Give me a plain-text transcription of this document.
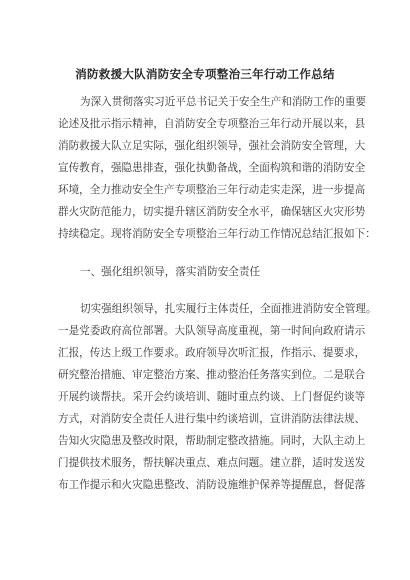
消防救援大队消防安全专项整治三年行动工作总结
为深入贯彻落实习近平总书记关于安全生产和消防工作的重要
论述及批示指示精神，自消防安全专项整治三年行动开展以来，县
消防救援大队立足实际，强化组织领导，强社会消防安全管理，大
宣传教育，强隐患排查，强化执勤备战，全面构筑和谐的消防安全
环境，全力推动安全生产专项整治三年行动走实走深，进一步提高
群火灾防范能力，切实提升辖区消防安全水平，确保辖区火灾形势
持续稳定。现将消防安全专项整治三年行动工作情况总结汇报如下：
一、强化组织领导，落实消防安全责任
切实强组织领导，扎实履行主体责任，全面推进消防安全管理。
一是党委政府高位部署。大队领导高度重视，第一时间向政府请示
汇报，传达上级工作要求。政府领导次听汇报，作指示、提要求，
研究整治措施、审定整治方案、推动整治任务落实到位。二是联合
开展约谈帮扶。采开会约谈培训、随时重点约谈、上门督促约谈等
方式，对消防安全责任人进行集中约谈培训，宣讲消防法律法规、
告知火灾隐患及整改时限，帮助制定整改措施。同时，大队主动上
门提供技术服务，帮扶解决重点、难点问题。建立群，适时发送发
布工作提示和火灾隐患整改、消防设施维护保养等提醒息，督促落
